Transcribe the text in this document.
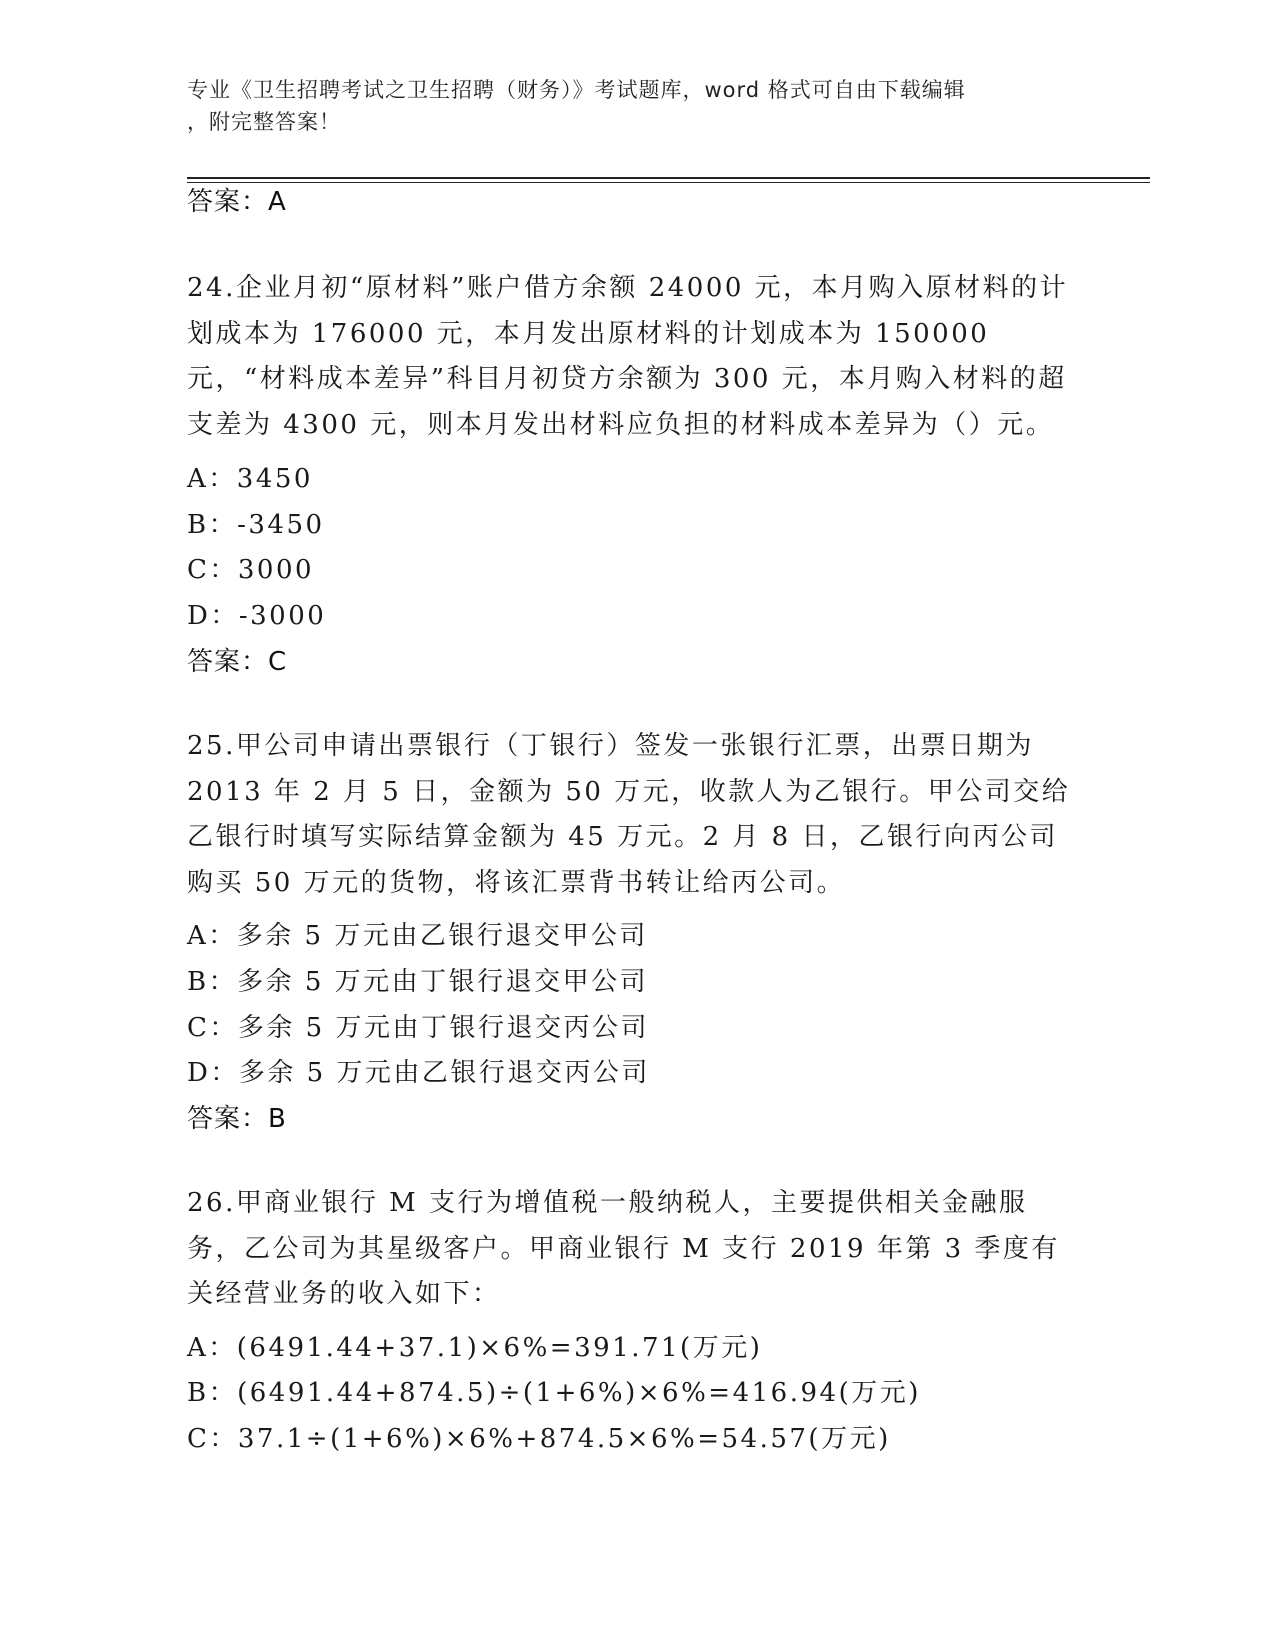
专业《卫生招聘考试之卫生招聘（财务）》考试题库，word 格式可自由下载编辑
，附完整答案！
答案：A
24.企业月初“原材料”账户借方余额 24000 元，本月购入原材料的计划成本为 176000 元，本月发出原材料的计划成本为 150000 元，“材料成本差异”科目月初贷方余额为 300 元，本月购入材料的超支差为 4300 元，则本月发出材料应负担的材料成本差异为（）元。
A：3450
B：-3450
C：3000
D：-3000
答案：C
25.甲公司申请出票银行（丁银行）签发一张银行汇票，出票日期为 2013 年 2 月 5 日，金额为 50 万元，收款人为乙银行。甲公司交给乙银行时填写实际结算金额为 45 万元。2 月 8 日，乙银行向丙公司购买 50 万元的货物，将该汇票背书转让给丙公司。
A：多余 5 万元由乙银行退交甲公司
B：多余 5 万元由丁银行退交甲公司
C：多余 5 万元由丁银行退交丙公司
D：多余 5 万元由乙银行退交丙公司
答案：B
26.甲商业银行 M 支行为增值税一般纳税人，主要提供相关金融服务，乙公司为其星级客户。甲商业银行 M 支行 2019 年第 3 季度有关经营业务的收入如下：
A：(6491.44+37.1)×6%=391.71(万元)
B：(6491.44+874.5)÷(1+6%)×6%=416.94(万元)
C：37.1÷(1+6%)×6%+874.5×6%=54.57(万元)
